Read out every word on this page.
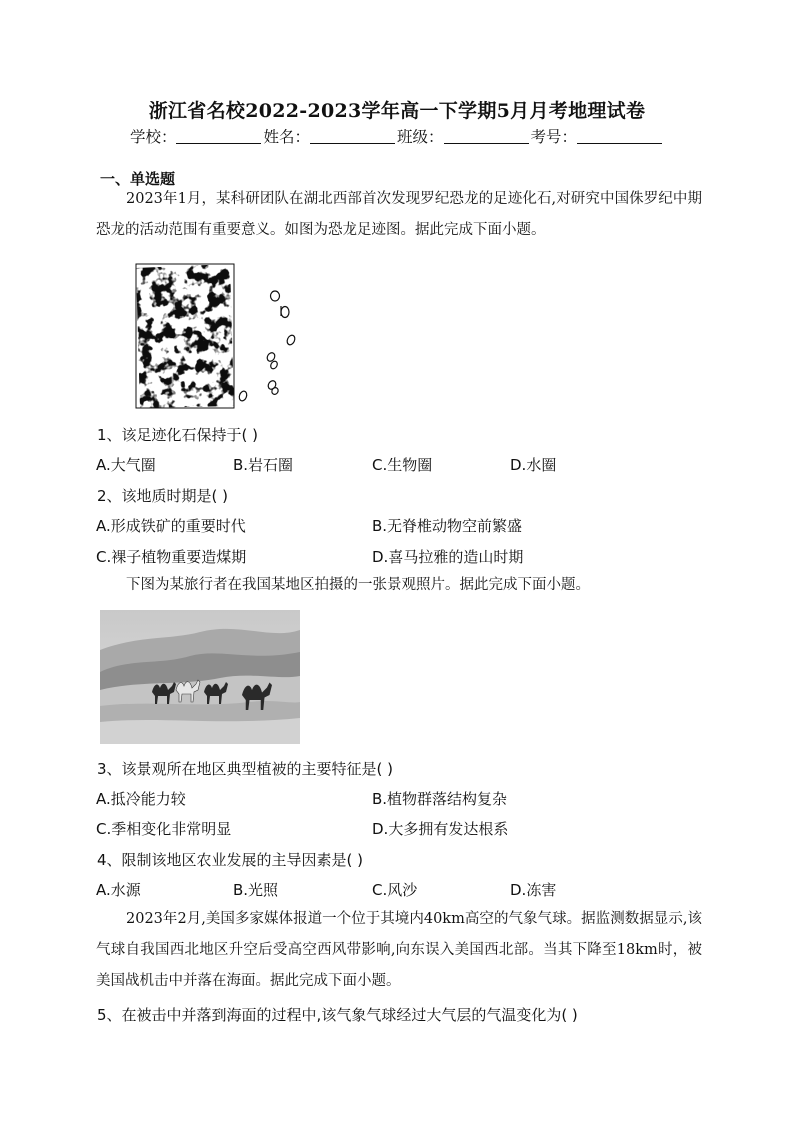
浙江省名校2022-2023学年高一下学期5月月考地理试卷
学校：	姓名：	班级：	考号：
一、单选题
2023年1月，某科研团队在湖北西部首次发现罗纪恐龙的足迹化石,对研究中国侏罗纪中期恐龙的活动范围有重要意义。如图为恐龙足迹图。据此完成下面小题。
1、该足迹化石保持于( )
A.大气圈	B.岩石圈	C.生物圈	D.水圈
2、该地质时期是( )
A.形成铁矿的重要时代	B.无脊椎动物空前繁盛
C.裸子植物重要造煤期	D.喜马拉雅的造山时期
下图为某旅行者在我国某地区拍摄的一张景观照片。据此完成下面小题。
3、该景观所在地区典型植被的主要特征是( )
A.抵冷能力较	B.植物群落结构复杂
C.季相变化非常明显	D.大多拥有发达根系
4、限制该地区农业发展的主导因素是( )
A.水源	B.光照	C.风沙	D.冻害
2023年2月,美国多家媒体报道一个位于其境内40km高空的气象气球。据监测数据显示,该气球自我国西北地区升空后受高空西风带影响,向东误入美国西北部。当其下降至18km时，被美国战机击中并落在海面。据此完成下面小题。
5、在被击中并落到海面的过程中,该气象气球经过大气层的气温变化为( )
